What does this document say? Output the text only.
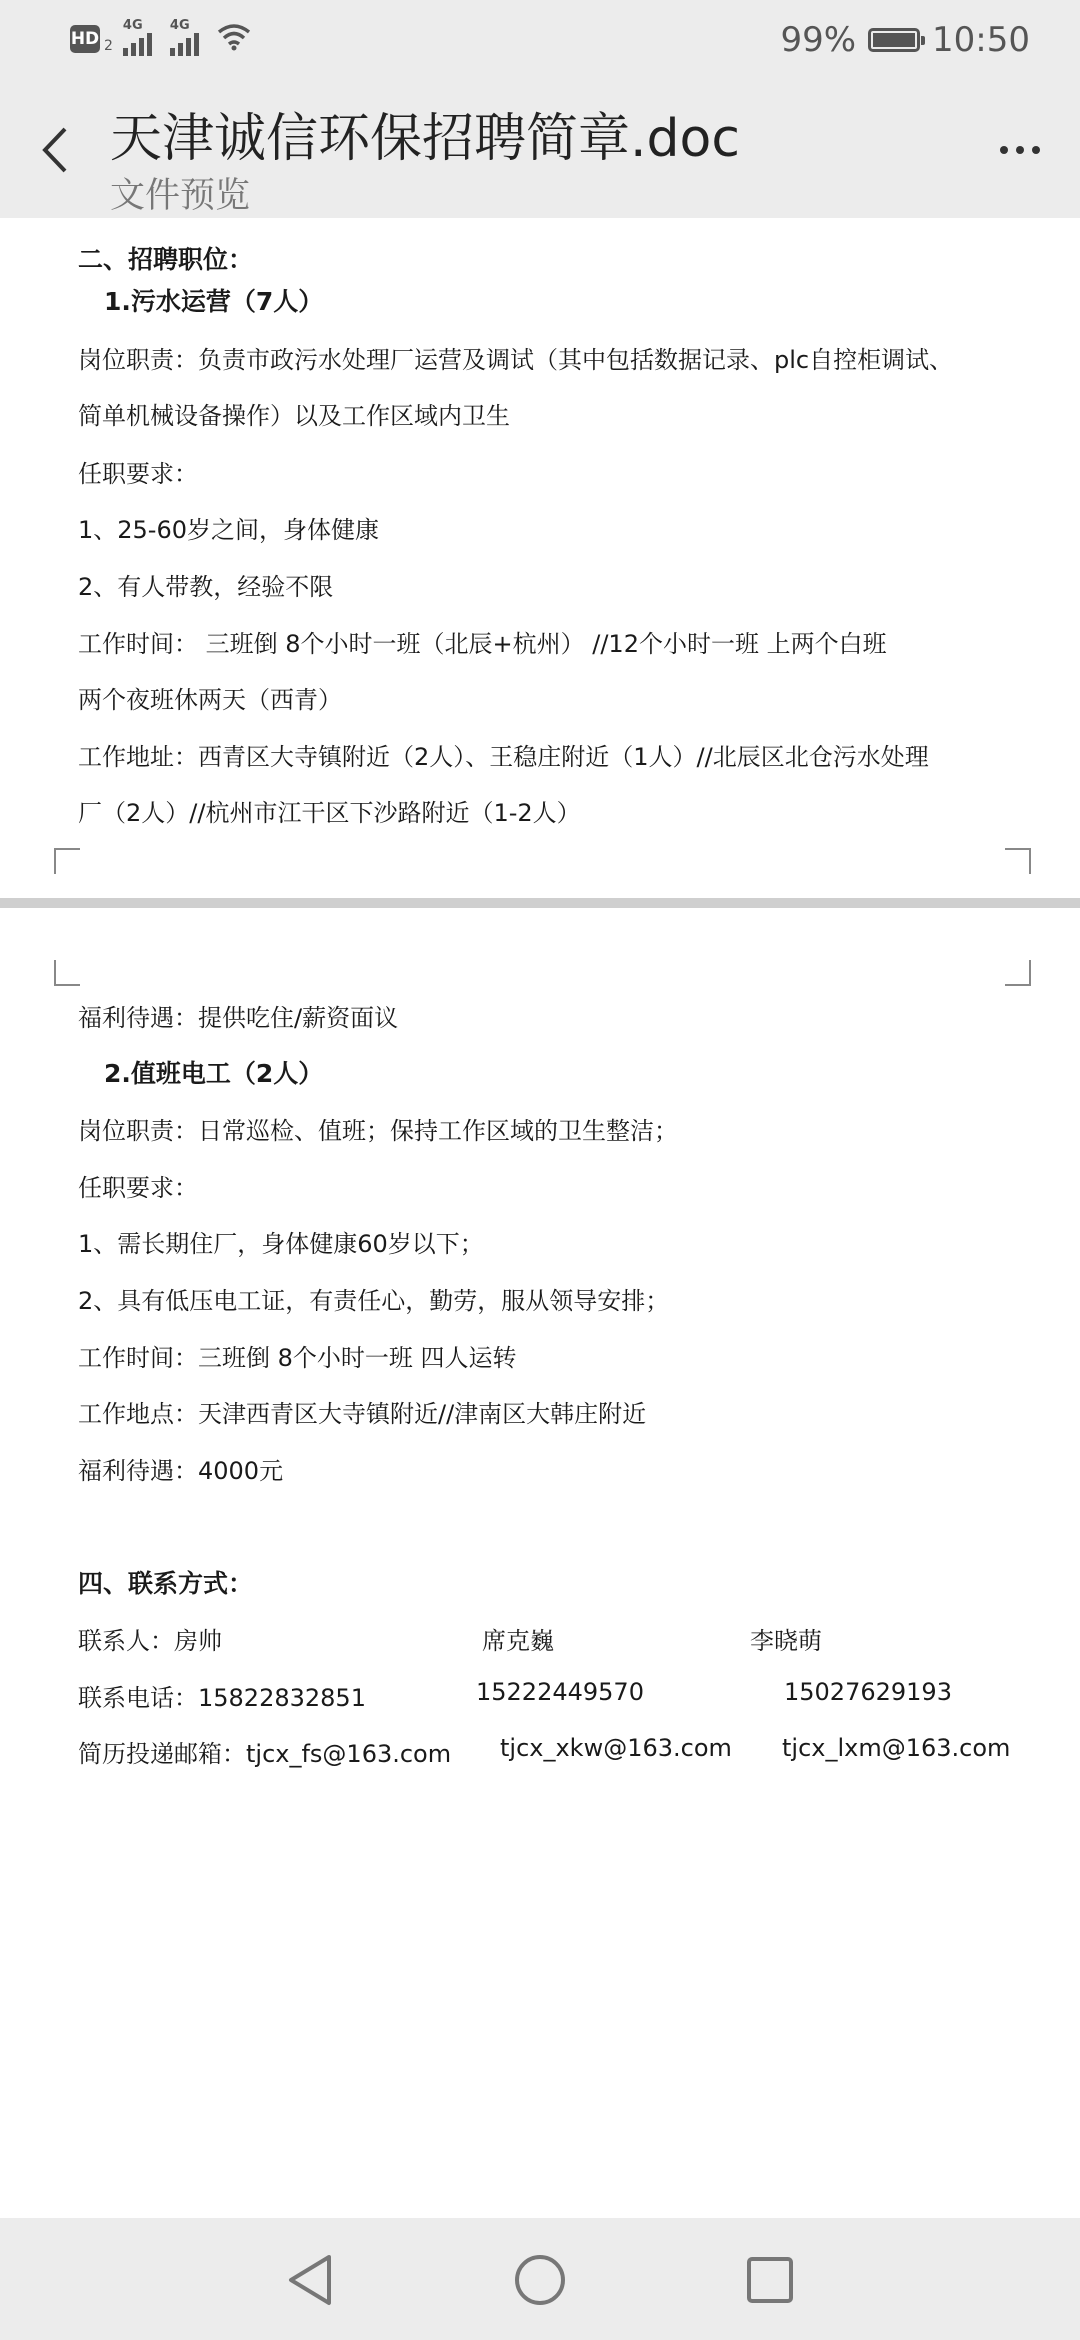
HD 2
4G 4G	99% 10:50
天津诚信环保招聘简章.doc
文件预览
二、招聘职位：
1.污水运营（7人）
岗位职责：负责市政污水处理厂运营及调试（其中包括数据记录、plc自控柜调试、
简单机械设备操作）以及工作区域内卫生
任职要求：
1、25-60岁之间，身体健康
2、有人带教，经验不限
工作时间： 三班倒 8个小时一班（北辰+杭州） //12个小时一班 上两个白班
两个夜班休两天（西青）
工作地址：西青区大寺镇附近（2人）、王稳庄附近（1人）//北辰区北仓污水处理
厂（2人）//杭州市江干区下沙路附近（1-2人）
福利待遇：提供吃住/薪资面议
2.值班电工（2人）
岗位职责：日常巡检、值班；保持工作区域的卫生整洁；
任职要求：
1、需长期住厂，身体健康60岁以下；
2、具有低压电工证，有责任心，勤劳，服从领导安排；
工作时间：三班倒 8个小时一班 四人运转
工作地点：天津西青区大寺镇附近//津南区大韩庄附近
福利待遇：4000元
四、联系方式：
联系人：房帅	席克巍	李晓萌
联系电话：15822832851	15222449570	15027629193
简历投递邮箱：tjcx_fs@163.com tjcx_xkw@163.com tjcx_lxm@163.com
